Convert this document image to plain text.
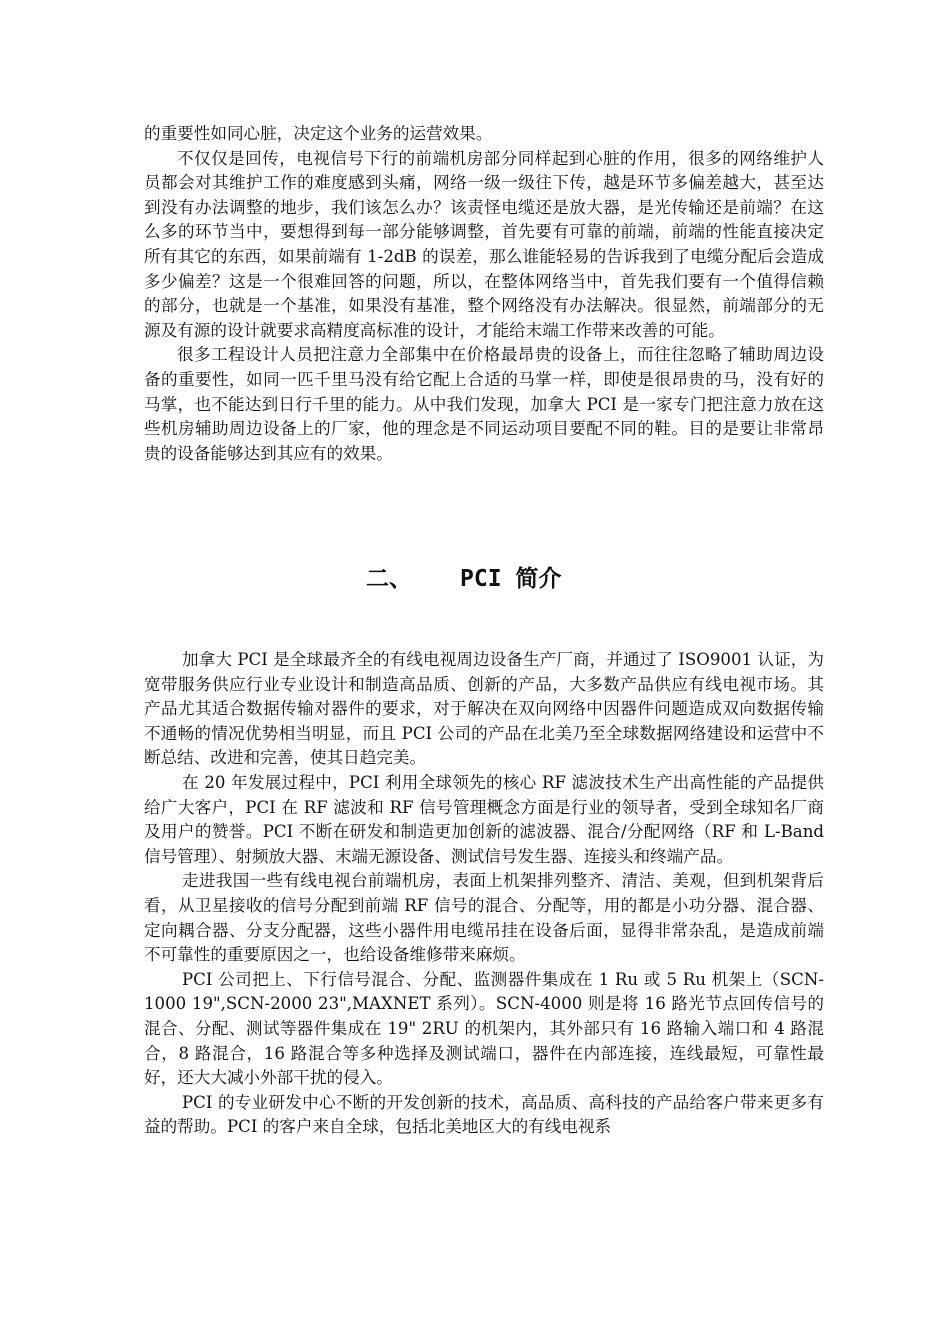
的重要性如同心脏，决定这个业务的运营效果。

不仅仅是回传，电视信号下行的前端机房部分同样起到心脏的作用，很多的网络维护人员都会对其维护工作的难度感到头痛，网络一级一级往下传，越是环节多偏差越大，甚至达到没有办法调整的地步，我们该怎么办？该责怪电缆还是放大器，是光传输还是前端？在这么多的环节当中，要想得到每一部分能够调整，首先要有可靠的前端，前端的性能直接决定所有其它的东西，如果前端有 1-2dB 的误差，那么谁能轻易的告诉我到了电缆分配后会造成多少偏差？这是一个很难回答的问题，所以，在整体网络当中，首先我们要有一个值得信赖的部分，也就是一个基准，如果没有基准，整个网络没有办法解决。很显然，前端部分的无源及有源的设计就要求高精度高标准的设计，才能给末端工作带来改善的可能。

很多工程设计人员把注意力全部集中在价格最昂贵的设备上，而往往忽略了辅助周边设备的重要性，如同一匹千里马没有给它配上合适的马掌一样，即使是很昂贵的马，没有好的马掌，也不能达到日行千里的能力。从中我们发现，加拿大 PCI 是一家专门把注意力放在这些机房辅助周边设备上的厂家，他的理念是不同运动项目要配不同的鞋。目的是要让非常昂贵的设备能够达到其应有的效果。

二、 PCI 简介

加拿大 PCI 是全球最齐全的有线电视周边设备生产厂商，并通过了 ISO9001 认证，为宽带服务供应行业专业设计和制造高品质、创新的产品，大多数产品供应有线电视市场。其产品尤其适合数据传输对器件的要求，对于解决在双向网络中因器件问题造成双向数据传输不通畅的情况优势相当明显，而且 PCI 公司的产品在北美乃至全球数据网络建设和运营中不断总结、改进和完善，使其日趋完美。

在 20 年发展过程中，PCI 利用全球领先的核心 RF 滤波技术生产出高性能的产品提供给广大客户，PCI 在 RF 滤波和 RF 信号管理概念方面是行业的领导者，受到全球知名厂商及用户的赞誉。PCI 不断在研发和制造更加创新的滤波器、混合/分配网络（RF 和 L-Band 信号管理）、射频放大器、末端无源设备、测试信号发生器、连接头和终端产品。

走进我国一些有线电视台前端机房，表面上机架排列整齐、清洁、美观，但到机架背后看，从卫星接收的信号分配到前端 RF 信号的混合、分配等，用的都是小功分器、混合器、定向耦合器、分支分配器，这些小器件用电缆吊挂在设备后面，显得非常杂乱，是造成前端不可靠性的重要原因之一，也给设备维修带来麻烦。

PCI 公司把上、下行信号混合、分配、监测器件集成在 1 Ru 或 5 Ru 机架上（SCN-1000 19",SCN-2000 23",MAXNET 系列）。SCN-4000 则是将 16 路光节点回传信号的混合、分配、测试等器件集成在 19" 2RU 的机架内，其外部只有 16 路输入端口和 4 路混合，8 路混合，16 路混合等多种选择及测试端口，器件在内部连接，连线最短，可靠性最好，还大大减小外部干扰的侵入。

PCI 的专业研发中心不断的开发创新的技术，高品质、高科技的产品给客户带来更多有益的帮助。PCI 的客户来自全球，包括北美地区大的有线电视系
